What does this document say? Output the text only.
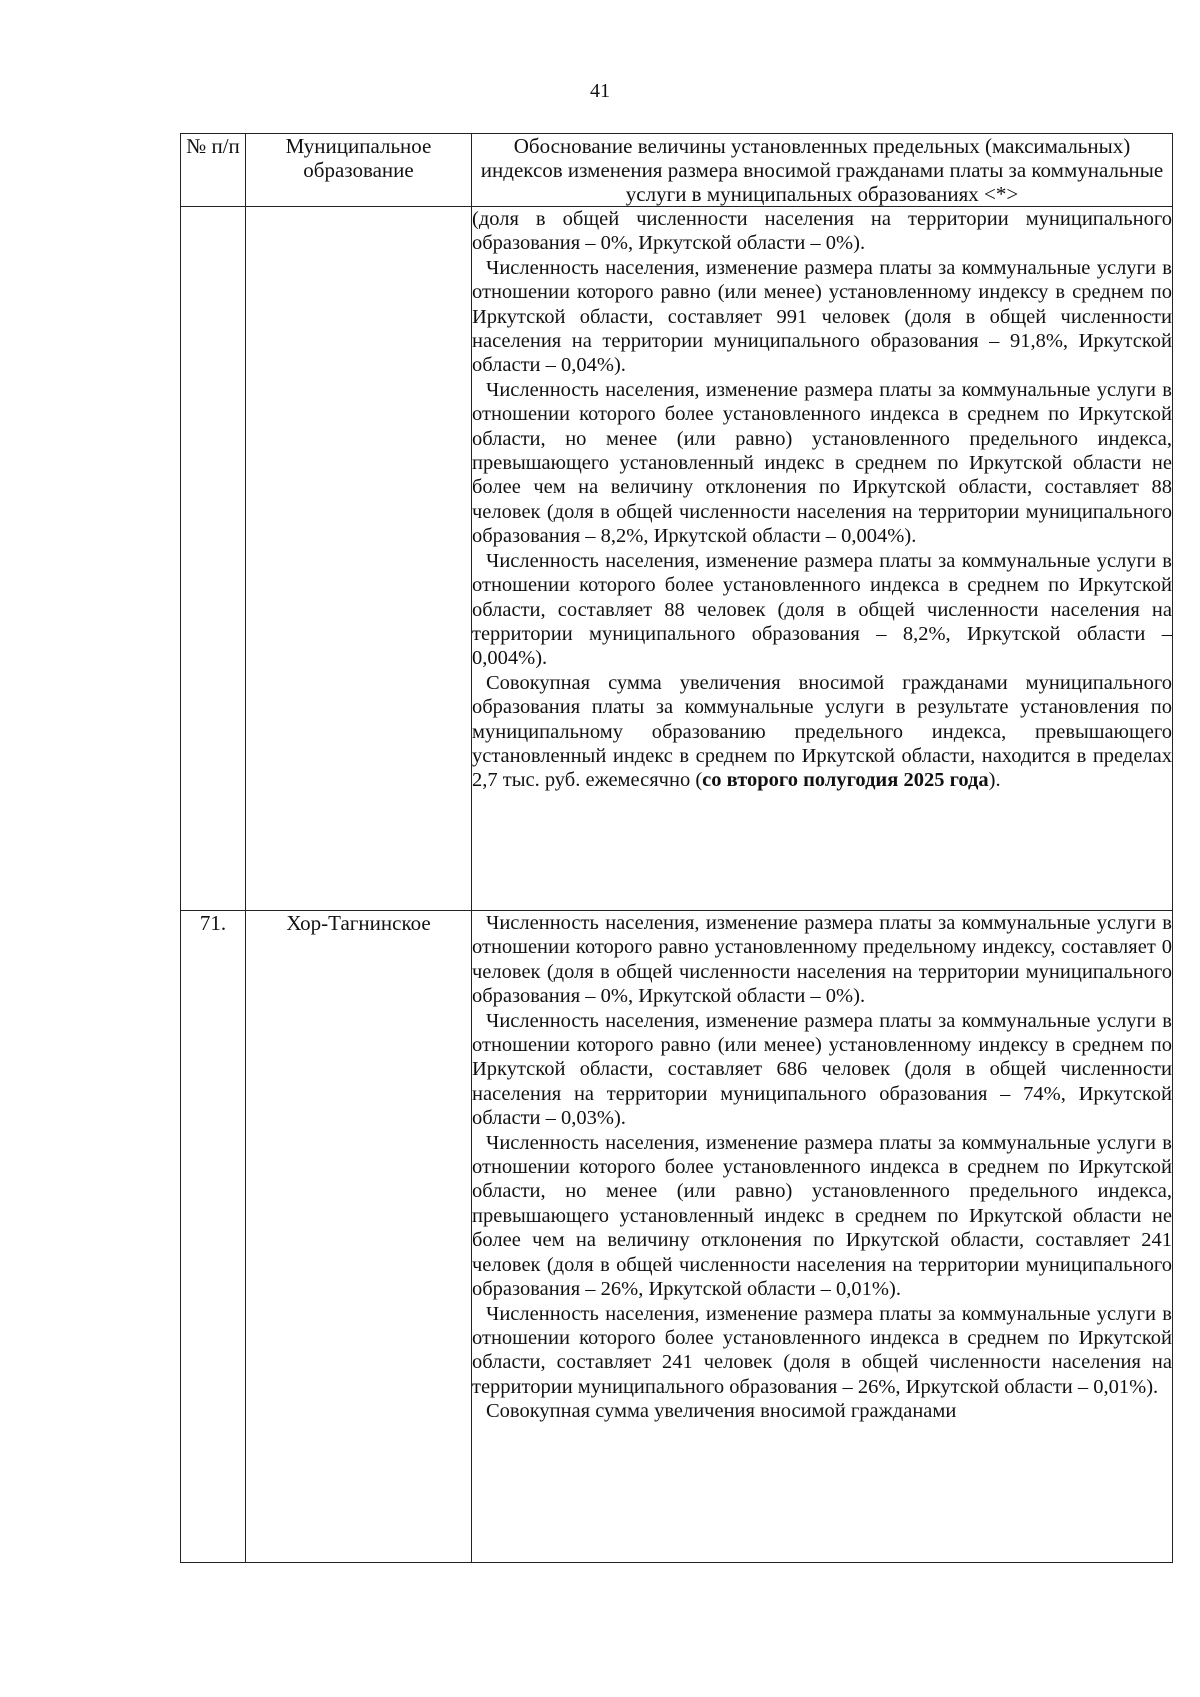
41
№ п/п	Муниципальное образование	Обоснование величины установленных предельных (максимальных) индексов изменения размера вносимой гражданами платы за коммунальные услуги в муниципальных образованиях <*>

		(доля в общей численности населения на территории муниципального образования – 0%, Иркутской области – 0%).

Численность населения, изменение размера платы за коммунальные услуги в отношении которого равно (или менее) установленному индексу в среднем по Иркутской области, составляет 991 человек (доля в общей численности населения на территории муниципального образования – 91,8%, Иркутской области – 0,04%).

Численность населения, изменение размера платы за коммунальные услуги в отношении которого более установленного индекса в среднем по Иркутской области, но менее (или равно) установленного предельного индекса, превышающего установленный индекс в среднем по Иркутской области не более чем на величину отклонения по Иркутской области, составляет 88 человек (доля в общей численности населения на территории муниципального образования – 8,2%, Иркутской области – 0,004%).

Численность населения, изменение размера платы за коммунальные услуги в отношении которого более установленного индекса в среднем по Иркутской области, составляет 88 человек (доля в общей численности населения на территории муниципального образования – 8,2%, Иркутской области – 0,004%).

Совокупная сумма увеличения вносимой гражданами муниципального образования платы за коммунальные услуги в результате установления по муниципальному образованию предельного индекса, превышающего установленный индекс в среднем по Иркутской области, находится в пределах 2,7 тыс. руб. ежемесячно (со второго полугодия 2025 года).

71.	Хор-Тагнинское	Численность населения, изменение размера платы за коммунальные услуги в отношении которого равно установленному предельному индексу, составляет 0 человек (доля в общей численности населения на территории муниципального образования – 0%, Иркутской области – 0%).

Численность населения, изменение размера платы за коммунальные услуги в отношении которого равно (или менее) установленному индексу в среднем по Иркутской области, составляет 686 человек (доля в общей численности населения на территории муниципального образования – 74%, Иркутской области – 0,03%).

Численность населения, изменение размера платы за коммунальные услуги в отношении которого более установленного индекса в среднем по Иркутской области, но менее (или равно) установленного предельного индекса, превышающего установленный индекс в среднем по Иркутской области не более чем на величину отклонения по Иркутской области, составляет 241 человек (доля в общей численности населения на территории муниципального образования – 26%, Иркутской области – 0,01%).

Численность населения, изменение размера платы за коммунальные услуги в отношении которого более установленного индекса в среднем по Иркутской области, составляет 241 человек (доля в общей численности населения на территории муниципального образования – 26%, Иркутской области – 0,01%).

Совокупная сумма увеличения вносимой гражданами
